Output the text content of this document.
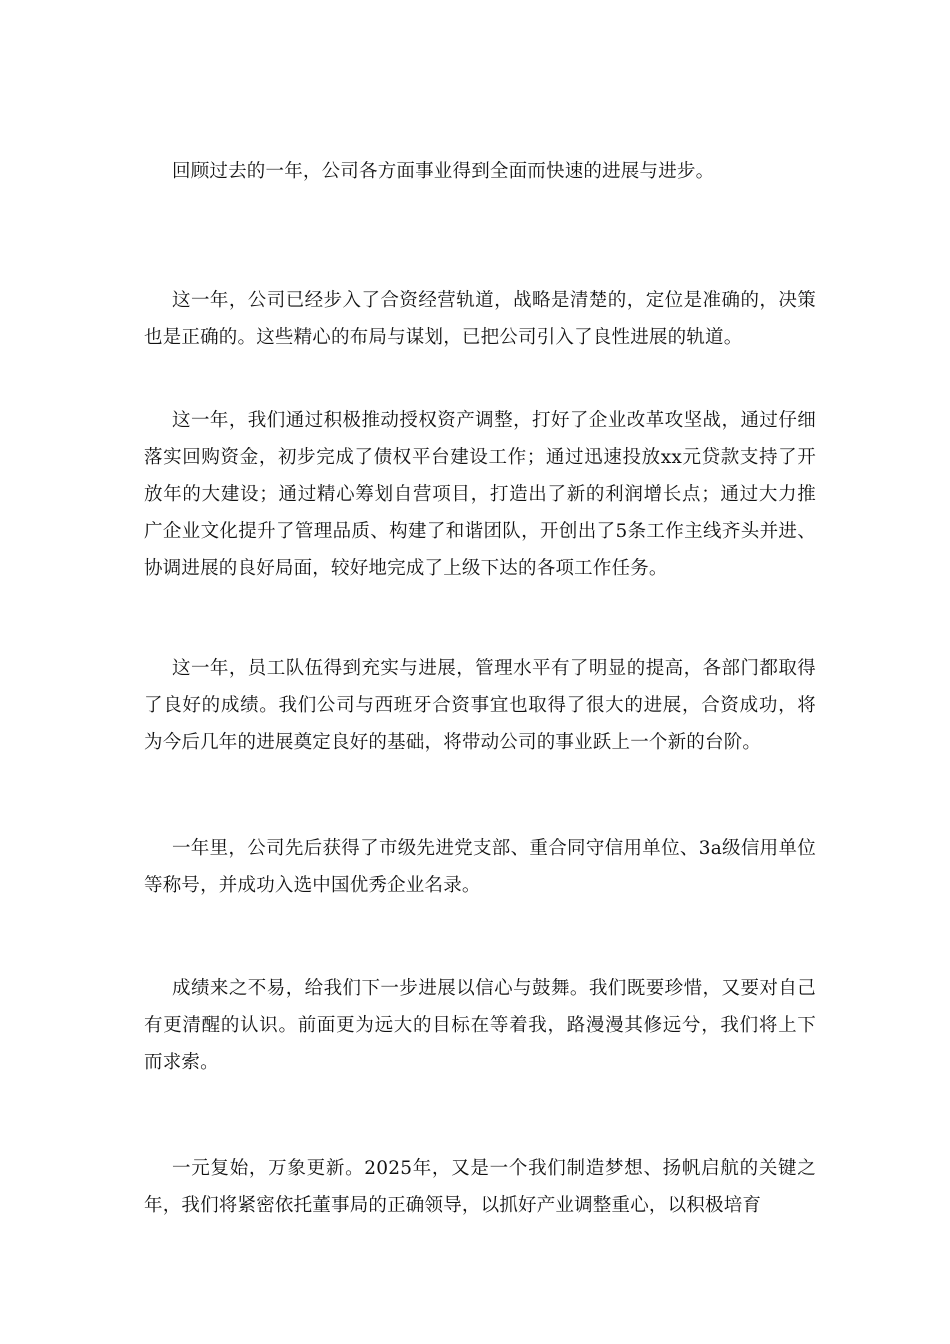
回顾过去的一年，公司各方面事业得到全面而快速的进展与进步。

这一年，公司已经步入了合资经营轨道，战略是清楚的，定位是准确的，决策也是正确的。这些精心的布局与谋划，已把公司引入了良性进展的轨道。

这一年，我们通过积极推动授权资产调整，打好了企业改革攻坚战，通过仔细落实回购资金，初步完成了债权平台建设工作；通过迅速投放xx元贷款支持了开放年的大建设；通过精心筹划自营项目，打造出了新的利润增长点；通过大力推广企业文化提升了管理品质、构建了和谐团队，开创出了5条工作主线齐头并进、协调进展的良好局面，较好地完成了上级下达的各项工作任务。

这一年，员工队伍得到充实与进展，管理水平有了明显的提高，各部门都取得了良好的成绩。我们公司与西班牙合资事宜也取得了很大的进展，合资成功，将为今后几年的进展奠定良好的基础，将带动公司的事业跃上一个新的台阶。

一年里，公司先后获得了市级先进党支部、重合同守信用单位、3a级信用单位等称号，并成功入选中国优秀企业名录。

成绩来之不易，给我们下一步进展以信心与鼓舞。我们既要珍惜，又要对自己有更清醒的认识。前面更为远大的目标在等着我，路漫漫其修远兮，我们将上下而求索。

一元复始，万象更新。2025年，又是一个我们制造梦想、扬帆启航的关键之年，我们将紧密依托董事局的正确领导，以抓好产业调整重心，以积极培育
